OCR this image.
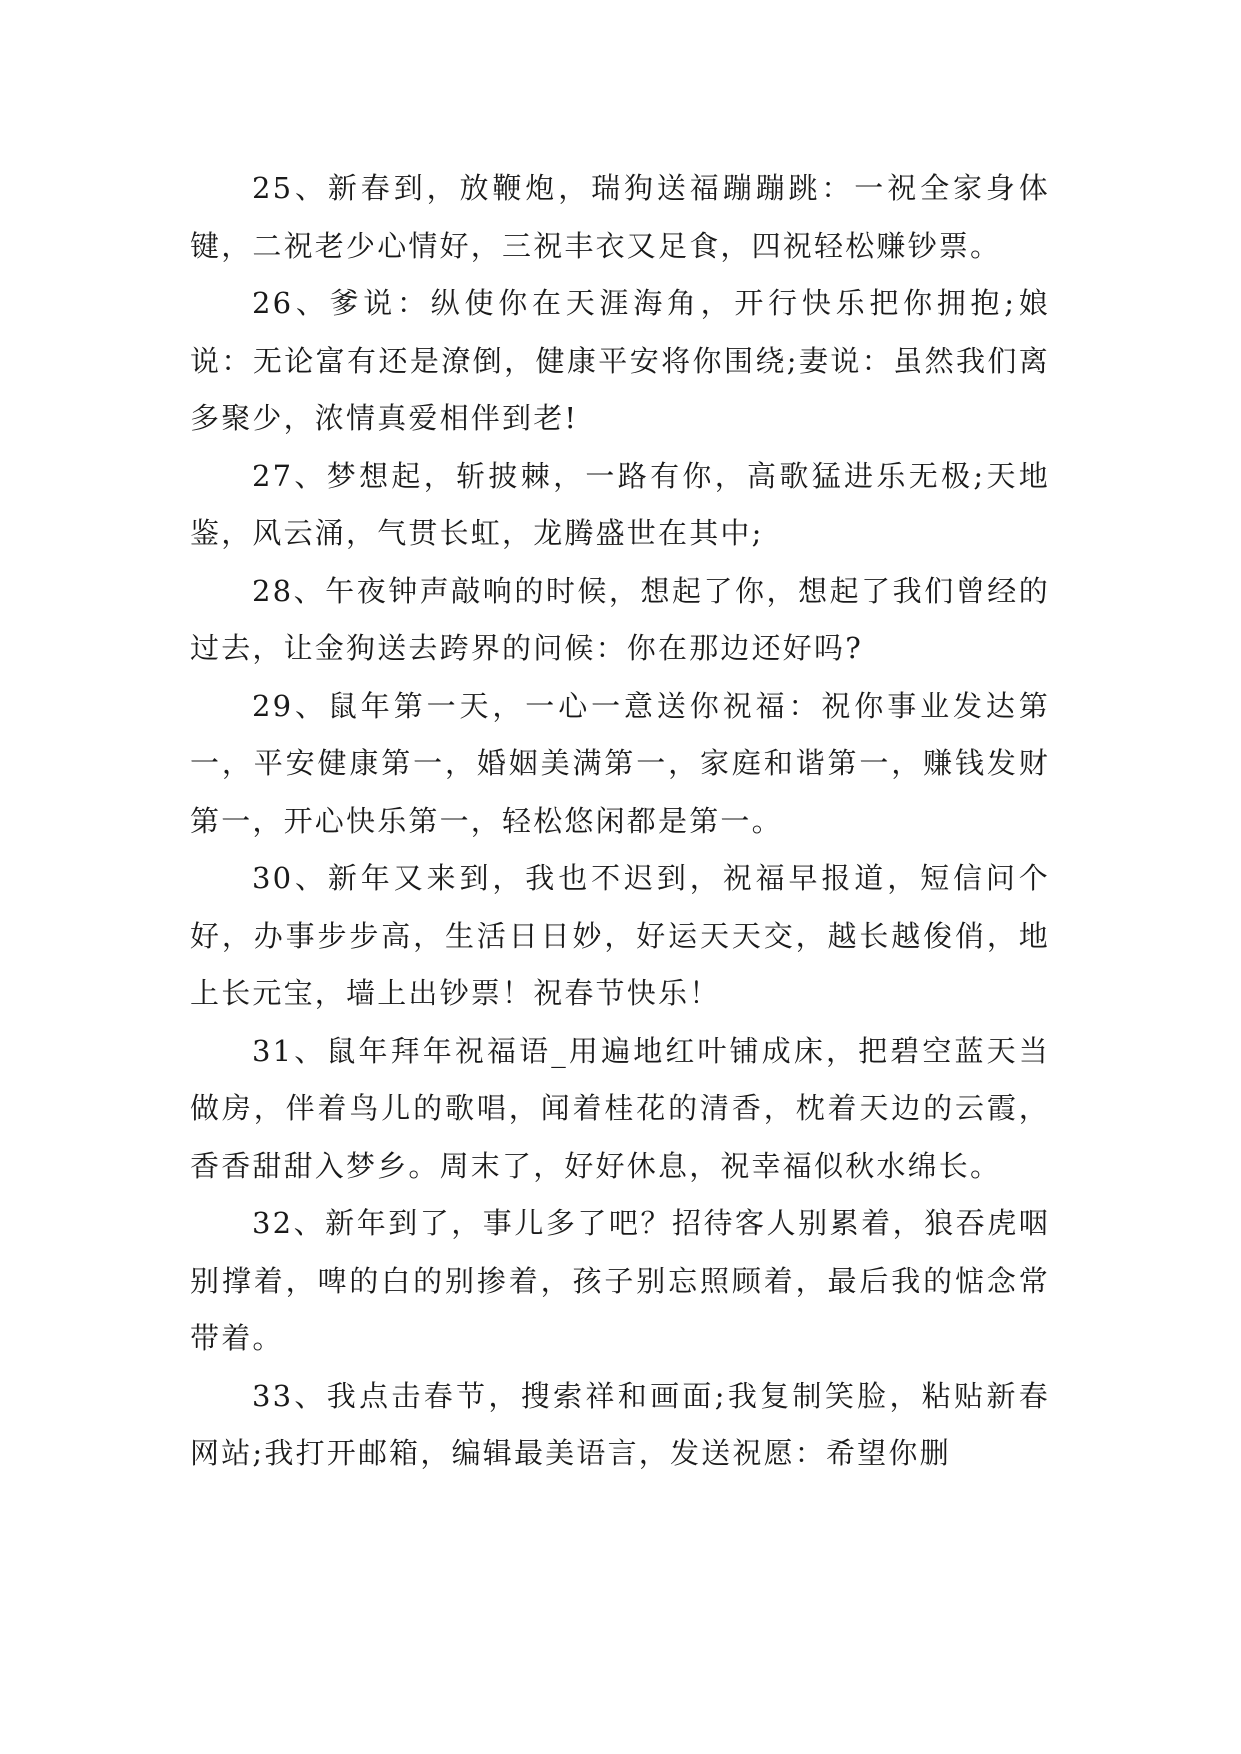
25、新春到，放鞭炮，瑞狗送福蹦蹦跳：一祝全家身体键，二祝老少心情好，三祝丰衣又足食，四祝轻松赚钞票。

26、爹说：纵使你在天涯海角，开行快乐把你拥抱;娘说：无论富有还是潦倒，健康平安将你围绕;妻说：虽然我们离多聚少，浓情真爱相伴到老!

27、梦想起，斩披棘，一路有你，高歌猛进乐无极;天地鉴，风云涌，气贯长虹，龙腾盛世在其中;

28、午夜钟声敲响的时候，想起了你，想起了我们曾经的过去，让金狗送去跨界的问候：你在那边还好吗?

29、鼠年第一天，一心一意送你祝福：祝你事业发达第一，平安健康第一，婚姻美满第一，家庭和谐第一，赚钱发财第一，开心快乐第一，轻松悠闲都是第一。

30、新年又来到，我也不迟到，祝福早报道，短信问个好，办事步步高，生活日日妙，好运天天交，越长越俊俏，地上长元宝，墙上出钞票！祝春节快乐！

31、鼠年拜年祝福语_用遍地红叶铺成床，把碧空蓝天当做房，伴着鸟儿的歌唱，闻着桂花的清香，枕着天边的云霞，香香甜甜入梦乡。周末了，好好休息，祝幸福似秋水绵长。

32、新年到了，事儿多了吧？招待客人别累着，狼吞虎咽别撑着，啤的白的别掺着，孩子别忘照顾着，最后我的惦念常带着。

33、我点击春节，搜索祥和画面;我复制笑脸，粘贴新春网站;我打开邮箱，编辑最美语言，发送祝愿：希望你删
